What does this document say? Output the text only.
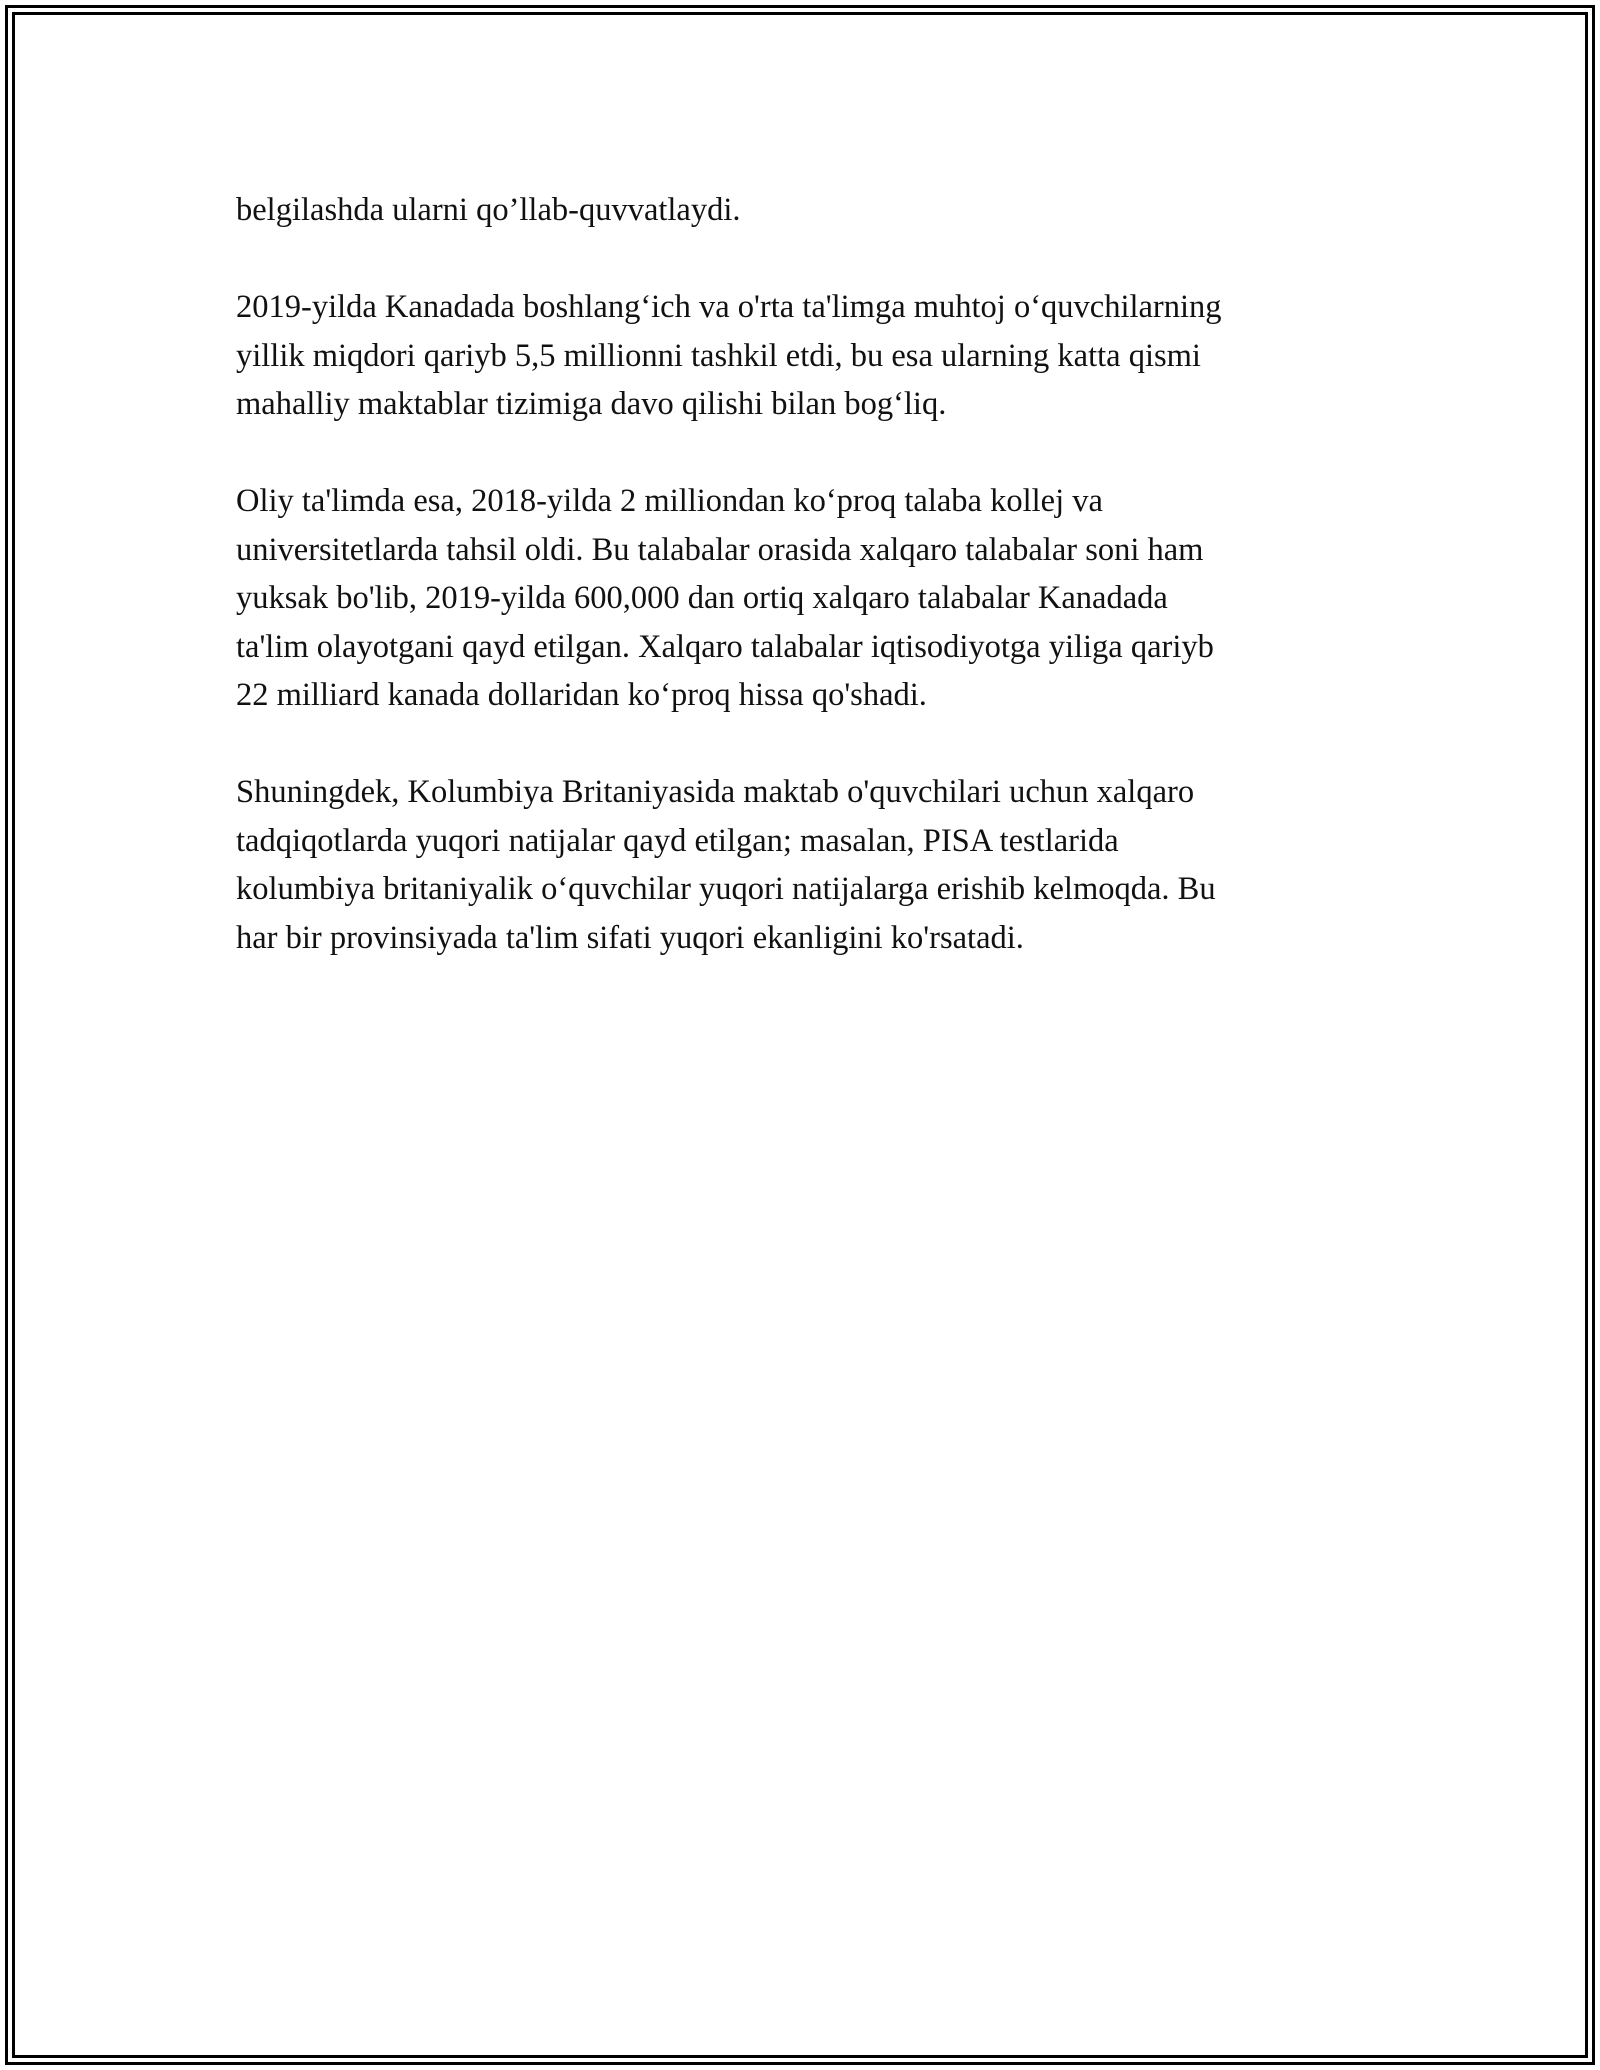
belgilashda ularni qo’llab-quvvatlaydi.

2019-yilda Kanadada boshlang‘ich va o'rta ta'limga muhtoj o‘quvchilarning
yillik miqdori qariyb 5,5 millionni tashkil etdi, bu esa ularning katta qismi
mahalliy maktablar tizimiga davo qilishi bilan bog‘liq.

Oliy ta'limda esa, 2018-yilda 2 milliondan ko‘proq talaba kollej va
universitetlarda tahsil oldi. Bu talabalar orasida xalqaro talabalar soni ham
yuksak bo'lib, 2019-yilda 600,000 dan ortiq xalqaro talabalar Kanadada
ta'lim olayotgani qayd etilgan. Xalqaro talabalar iqtisodiyotga yiliga qariyb
22 milliard kanada dollaridan ko‘proq hissa qo'shadi.

Shuningdek, Kolumbiya Britaniyasida maktab o'quvchilari uchun xalqaro
tadqiqotlarda yuqori natijalar qayd etilgan; masalan, PISA testlarida
kolumbiya britaniyalik o‘quvchilar yuqori natijalarga erishib kelmoqda. Bu
har bir provinsiyada ta'lim sifati yuqori ekanligini ko'rsatadi.
